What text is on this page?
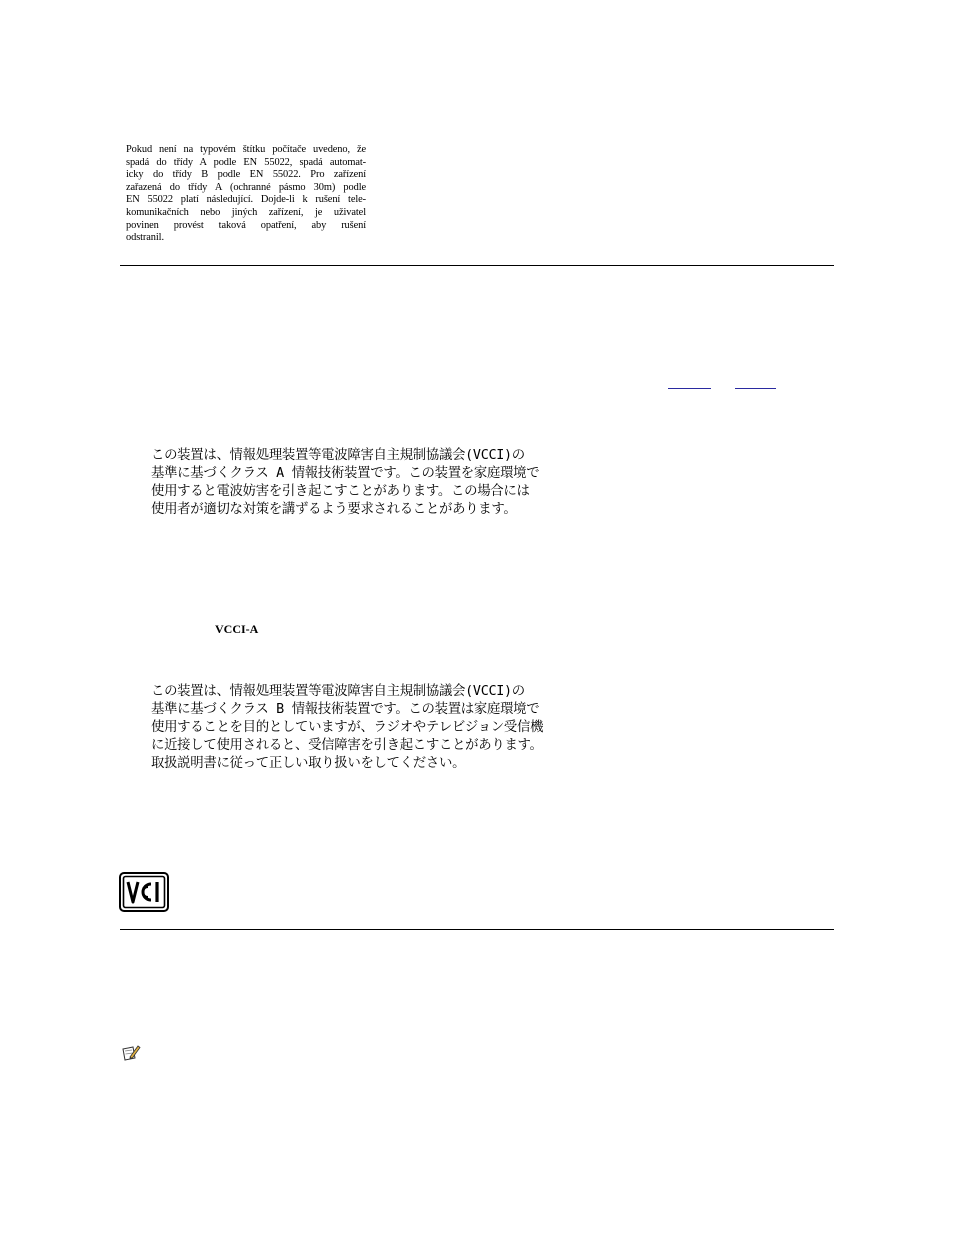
Pokud není na typovém štítku počítače uvedeno, že
spadá do třídy A podle EN 55022, spadá automat-
icky do třídy B podle EN 55022. Pro zařízení
zařazená do třídy A (ochranné pásmo 30m) podle
EN 55022 platí následující. Dojde-li k rušení tele-
komunikačních nebo jiných zařízení, je uživatel
povinen provést taková opatření, aby rušení
odstranil.
この装置は、情報処理装置等電波障害自主規制協議会(VCCI)の
基準に基づくクラス A 情報技術装置です。この装置を家庭環境で
使用すると電波妨害を引き起こすことがあります。この場合には
使用者が適切な対策を講ずるよう要求されることがあります。
VCCI-A
この装置は、情報処理装置等電波障害自主規制協議会(VCCI)の
基準に基づくクラス B 情報技術装置です。この装置は家庭環境で
使用することを目的としていますが、ラジオやテレビジョン受信機
に近接して使用されると、受信障害を引き起こすことがあります。
取扱説明書に従って正しい取り扱いをしてください。
